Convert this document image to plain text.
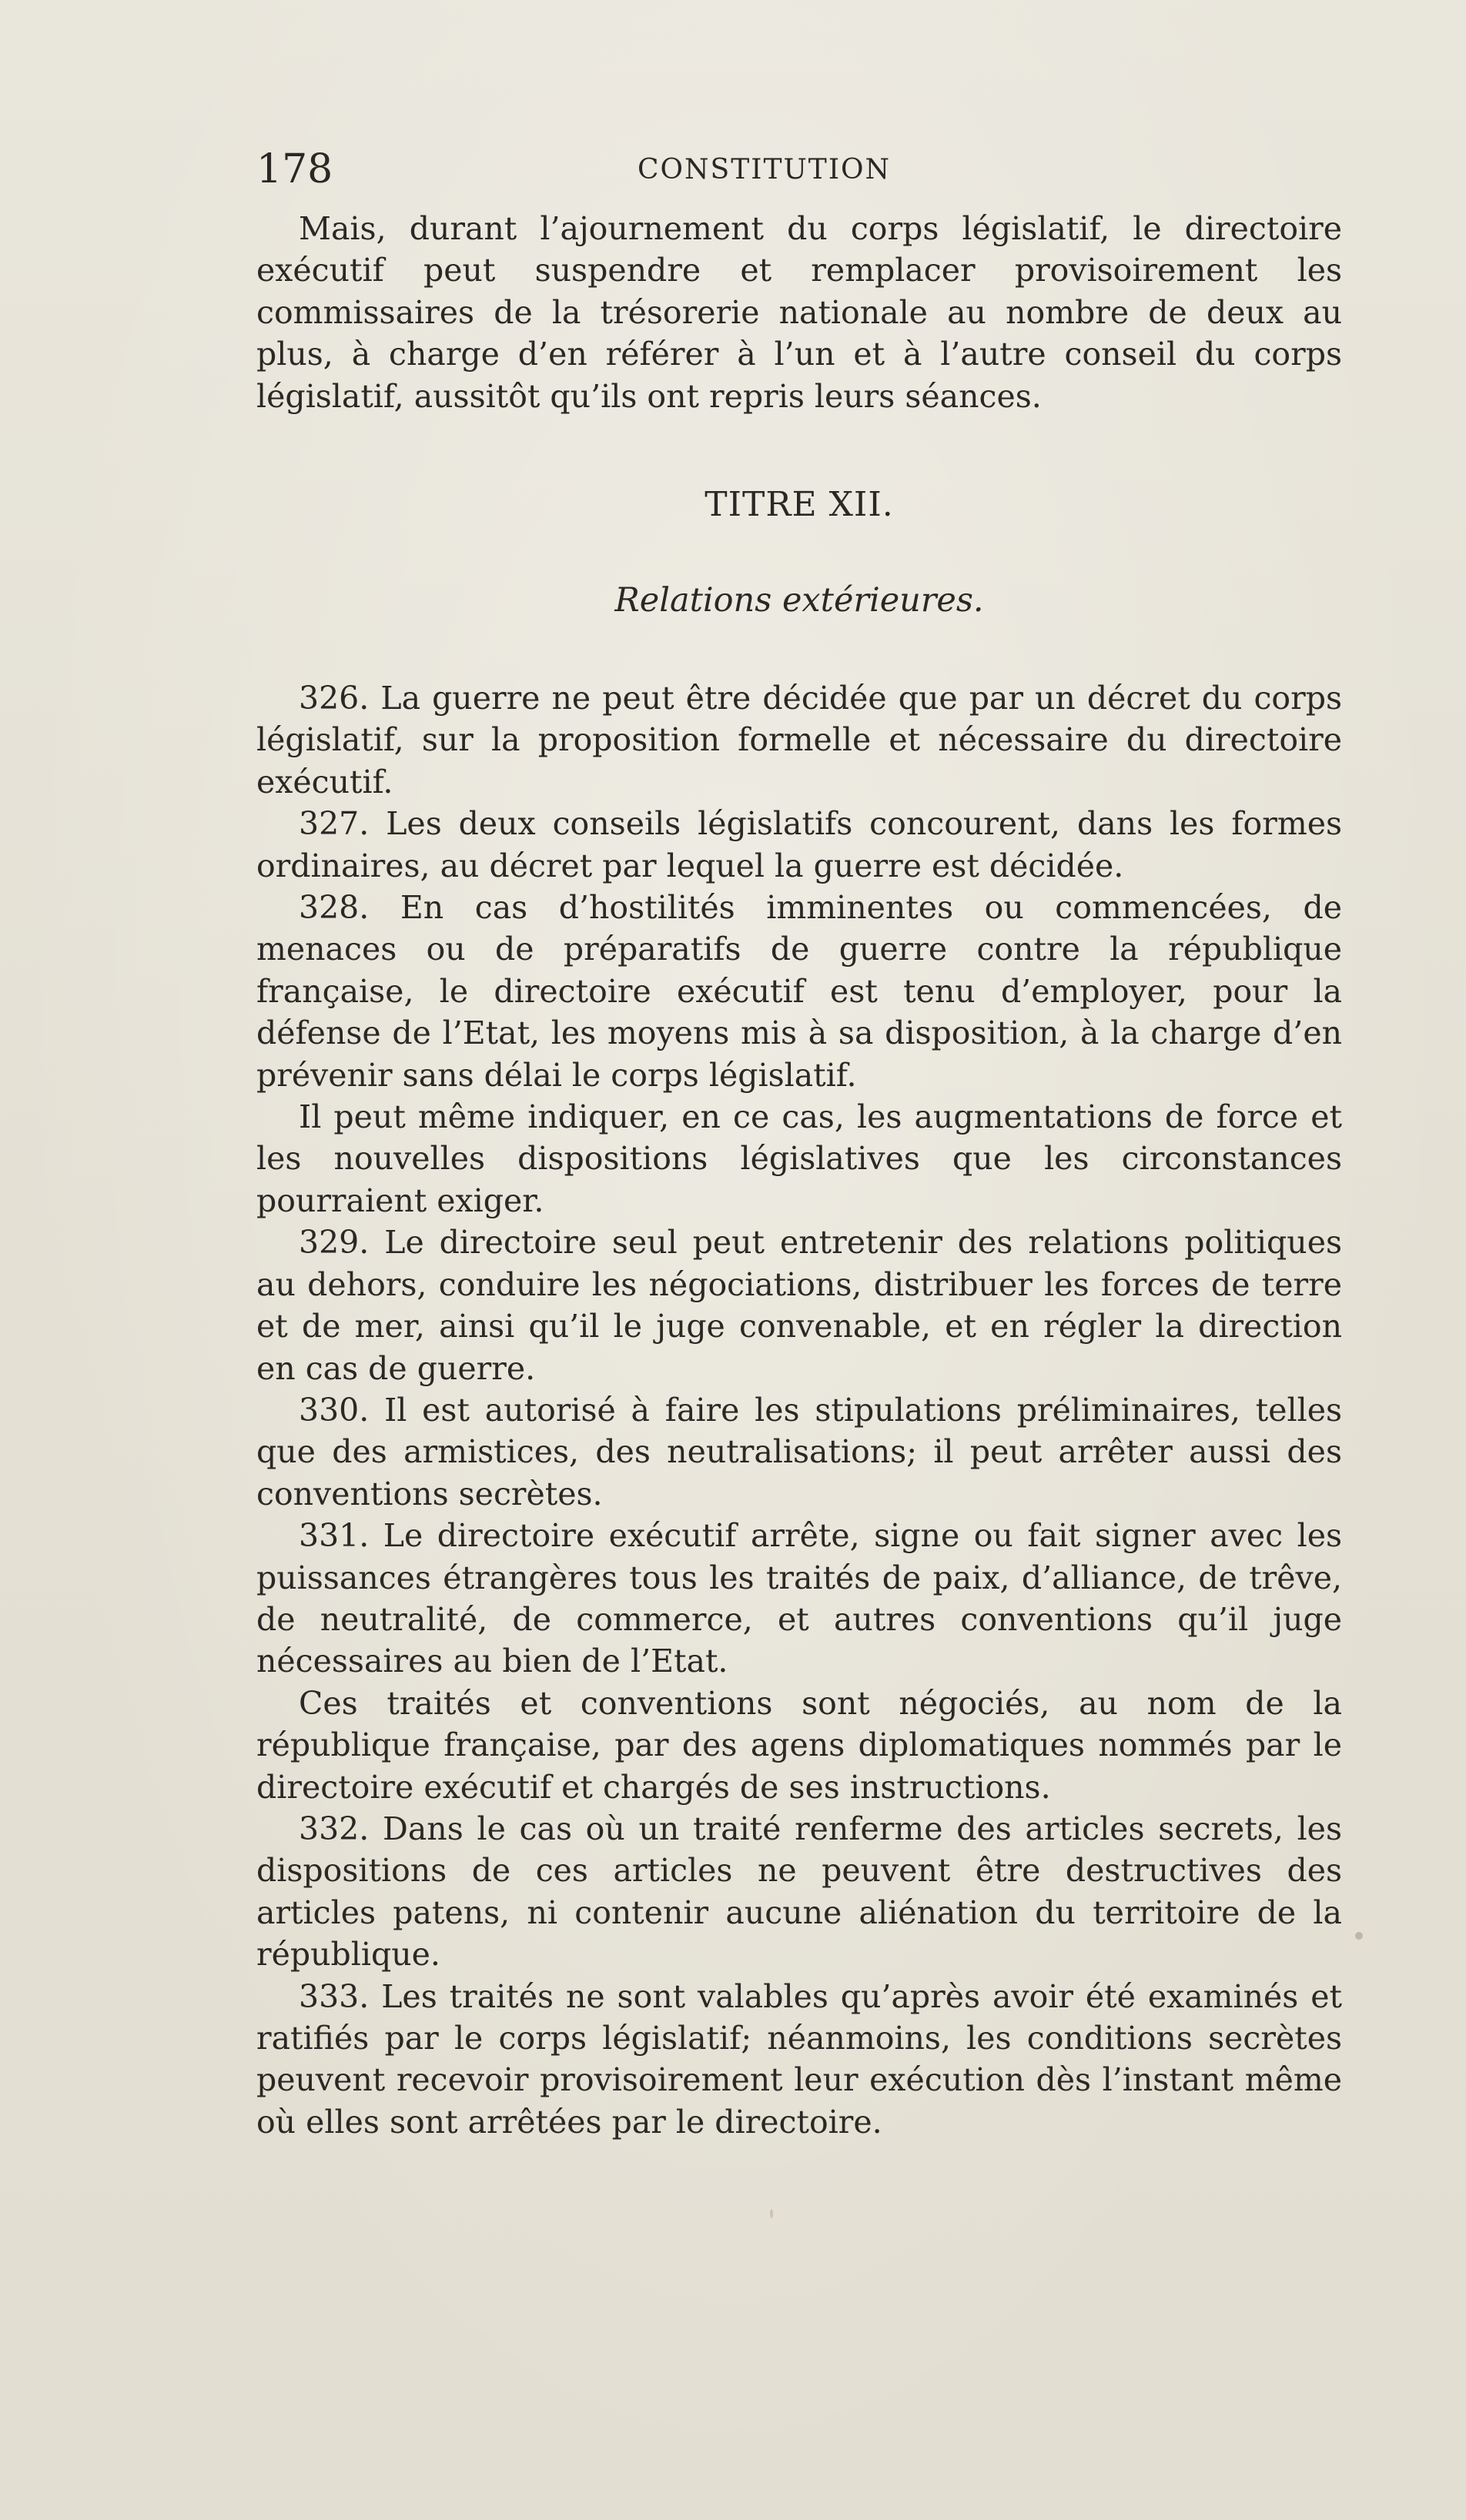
178	CONSTITUTION

Mais, durant l’ajournement du corps législatif, le directoire exécutif peut suspendre et remplacer provisoirement les commissaires de la trésorerie nationale au nombre de deux au plus, à charge d’en référer à l’un et à l’autre conseil du corps législatif, aussitôt qu’ils ont repris leurs séances.

TITRE XII.
Relations extérieures.

326. La guerre ne peut être décidée que par un décret du corps législatif, sur la proposition formelle et nécessaire du directoire exécutif.

327. Les deux conseils législatifs concourent, dans les formes ordinaires, au décret par lequel la guerre est décidée.

328. En cas d’hostilités imminentes ou commencées, de menaces ou de préparatifs de guerre contre la république française, le directoire exécutif est tenu d’employer, pour la défense de l’Etat, les moyens mis à sa disposition, à la charge d’en prévenir sans délai le corps législatif.

Il peut même indiquer, en ce cas, les augmentations de force et les nouvelles dispositions législatives que les circonstances pourraient exiger.

329. Le directoire seul peut entretenir des relations politiques au dehors, conduire les négociations, distribuer les forces de terre et de mer, ainsi qu’il le juge convenable, et en régler la direction en cas de guerre.

330. Il est autorisé à faire les stipulations préliminaires, telles que des armistices, des neutralisations; il peut arrêter aussi des conventions secrètes.

331. Le directoire exécutif arrête, signe ou fait signer avec les puissances étrangères tous les traités de paix, d’alliance, de trêve, de neutralité, de commerce, et autres conventions qu’il juge nécessaires au bien de l’Etat.

Ces traités et conventions sont négociés, au nom de la république française, par des agens diplomatiques nommés par le directoire exécutif et chargés de ses instructions.

332. Dans le cas où un traité renferme des articles secrets, les dispositions de ces articles ne peuvent être destructives des articles patens, ni contenir aucune aliénation du territoire de la république.

333. Les traités ne sont valables qu’après avoir été examinés et ratifiés par le corps législatif; néanmoins, les conditions secrètes peuvent recevoir provisoirement leur exécution dès l’instant même où elles sont arrêtées par le directoire.
